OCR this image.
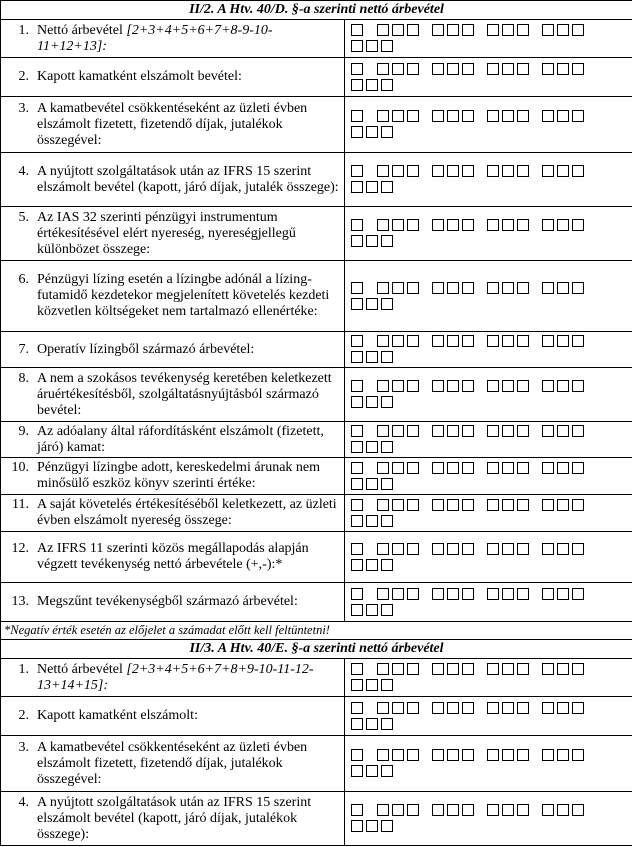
II/2. A Htv. 40/D. §-a szerinti nettó árbevétel	

1. Nettó árbevétel [2+3+4+5+6+7+8-9-10-11+12+13]:	

2. Kapott kamatként elszámolt bevétel:	

3. A kamatbevétel csökkentéseként az üzleti évben elszámolt fizetett, fizetendő díjak, jutalékok összegével:	

4. A nyújtott szolgáltatások után az IFRS 15 szerint elszámolt bevétel (kapott, járó díjak, jutalék összege):	

5. Az IAS 32 szerinti pénzügyi instrumentum értékesítésével elért nyereség, nyereségjellegű különbözet összege:	

6. Pénzügyi lízing esetén a lízingbe adónál a lízing-futamidő kezdetekor megjelenített követelés kezdeti közvetlen költségeket nem tartalmazó ellenértéke:	

7. Operatív lízingből származó árbevétel:	

8. A nem a szokásos tevékenység keretében keletkezett áruértékesítésből, szolgáltatásnyújtásból származó bevétel:	

9. Az adóalany által ráfordításként elszámolt (fizetett, járó) kamat:	

10. Pénzügyi lízingbe adott, kereskedelmi árunak nem minősülő eszköz könyv szerinti értéke:	

11. A saját követelés értékesítéséből keletkezett, az üzleti évben elszámolt nyereség összege:	

12. Az IFRS 11 szerinti közös megállapodás alapján végzett tevékenység nettó árbevétele (+,-):*	

13. Megszűnt tevékenységből származó árbevétel:	

*Negatív érték esetén az előjelet a számadat előtt kell feltüntetni!	
II/3. A Htv. 40/E. §-a szerinti nettó árbevétel	

1. Nettó árbevétel [2+3+4+5+6+7+8+9-10-11-12-13+14+15]:	

2. Kapott kamatként elszámolt:	

3. A kamatbevétel csökkentéseként az üzleti évben elszámolt fizetett, fizetendő díjak, jutalékok összegével:	

4. A nyújtott szolgáltatások után az IFRS 15 szerint elszámolt bevétel (kapott, járó díjak, jutalékok összege):	
